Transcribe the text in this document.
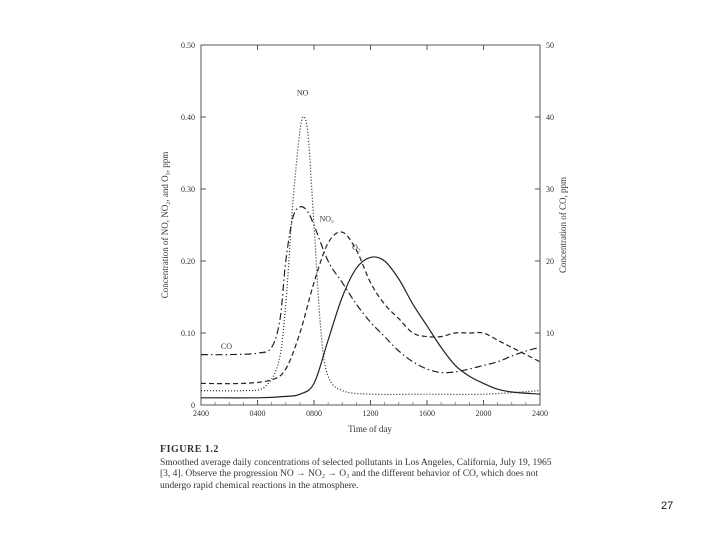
2400	0400	0800	1200	1600	2000	2400
0
0.10
0.20
0.30
0.40
0.50
10
20
30
40
50
CO
NO
NO₂
O₃
Time of day
Concentration of NO, NO₂, and O₃, ppm	Concentration of CO, ppm
FIGURE 1.2
Smoothed average daily concentrations of selected pollutants in Los Angeles, California, July 19, 1965 [3, 4]. Observe the progression NO → NO₂ → O₃ and the different behavior of CO, which does not undergo rapid chemical reactions in the atmosphere.
27
